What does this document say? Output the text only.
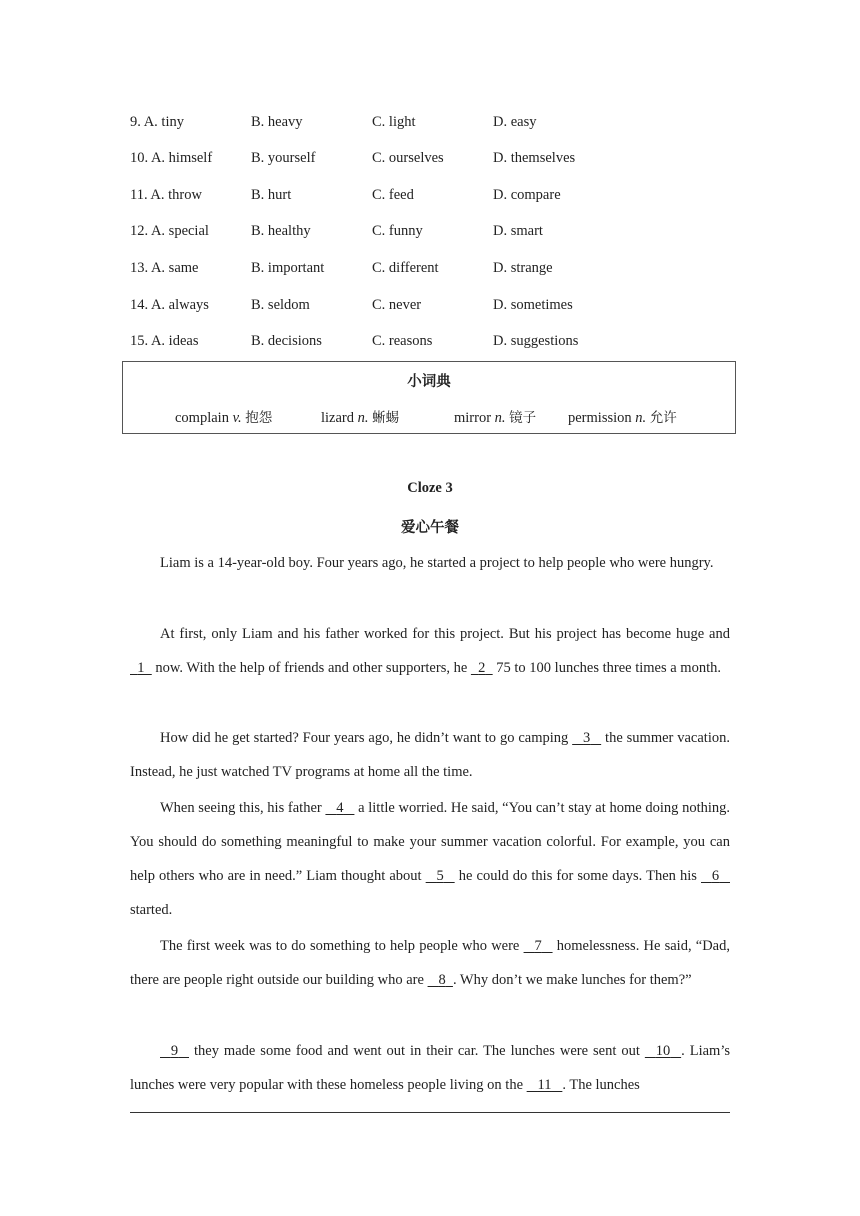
9. A. tiny	B. heavy	C. light	D. easy
10. A. himself	B. yourself	C. ourselves	D. themselves
11. A. throw	B. hurt	C. feed	D. compare
12. A. special	B. healthy	C. funny	D. smart
13. A. same	B. important	C. different	D. strange
14. A. always	B. seldom	C. never	D. sometimes
15. A. ideas	B. decisions	C. reasons	D. suggestions
小词典
complain v. 抱怨	lizard n. 蜥蜴	mirror n. 镜子 permission n. 允许
Cloze 3
爱心午餐
Liam is a 14-year-old boy. Four years ago, he started a project to help people who were hungry.
At first, only Liam and his father worked for this project. But his project has become huge and   1   now. With the help of friends and other supporters, he   2   75 to 100 lunches three times a month.
How did he get started? Four years ago, he didn’t want to go camping    3    the summer vacation. Instead, he just watched TV programs at home all the time.
When seeing this, his father    4    a little worried. He said, “You can’t stay at home doing nothing. You should do something meaningful to make your summer vacation colorful. For example, you can help others who are in need.” Liam thought about    5    he could do this for some days. Then his    6    started.
The first week was to do something to help people who were    7    homelessness. He said, “Dad, there are people right outside our building who are    8 . Why don’t we make lunches for them?”
9    they made some food and went out in their car. The lunches were sent out    10 . Liam’s lunches were very popular with these homeless people living on the    11 . The lunches
